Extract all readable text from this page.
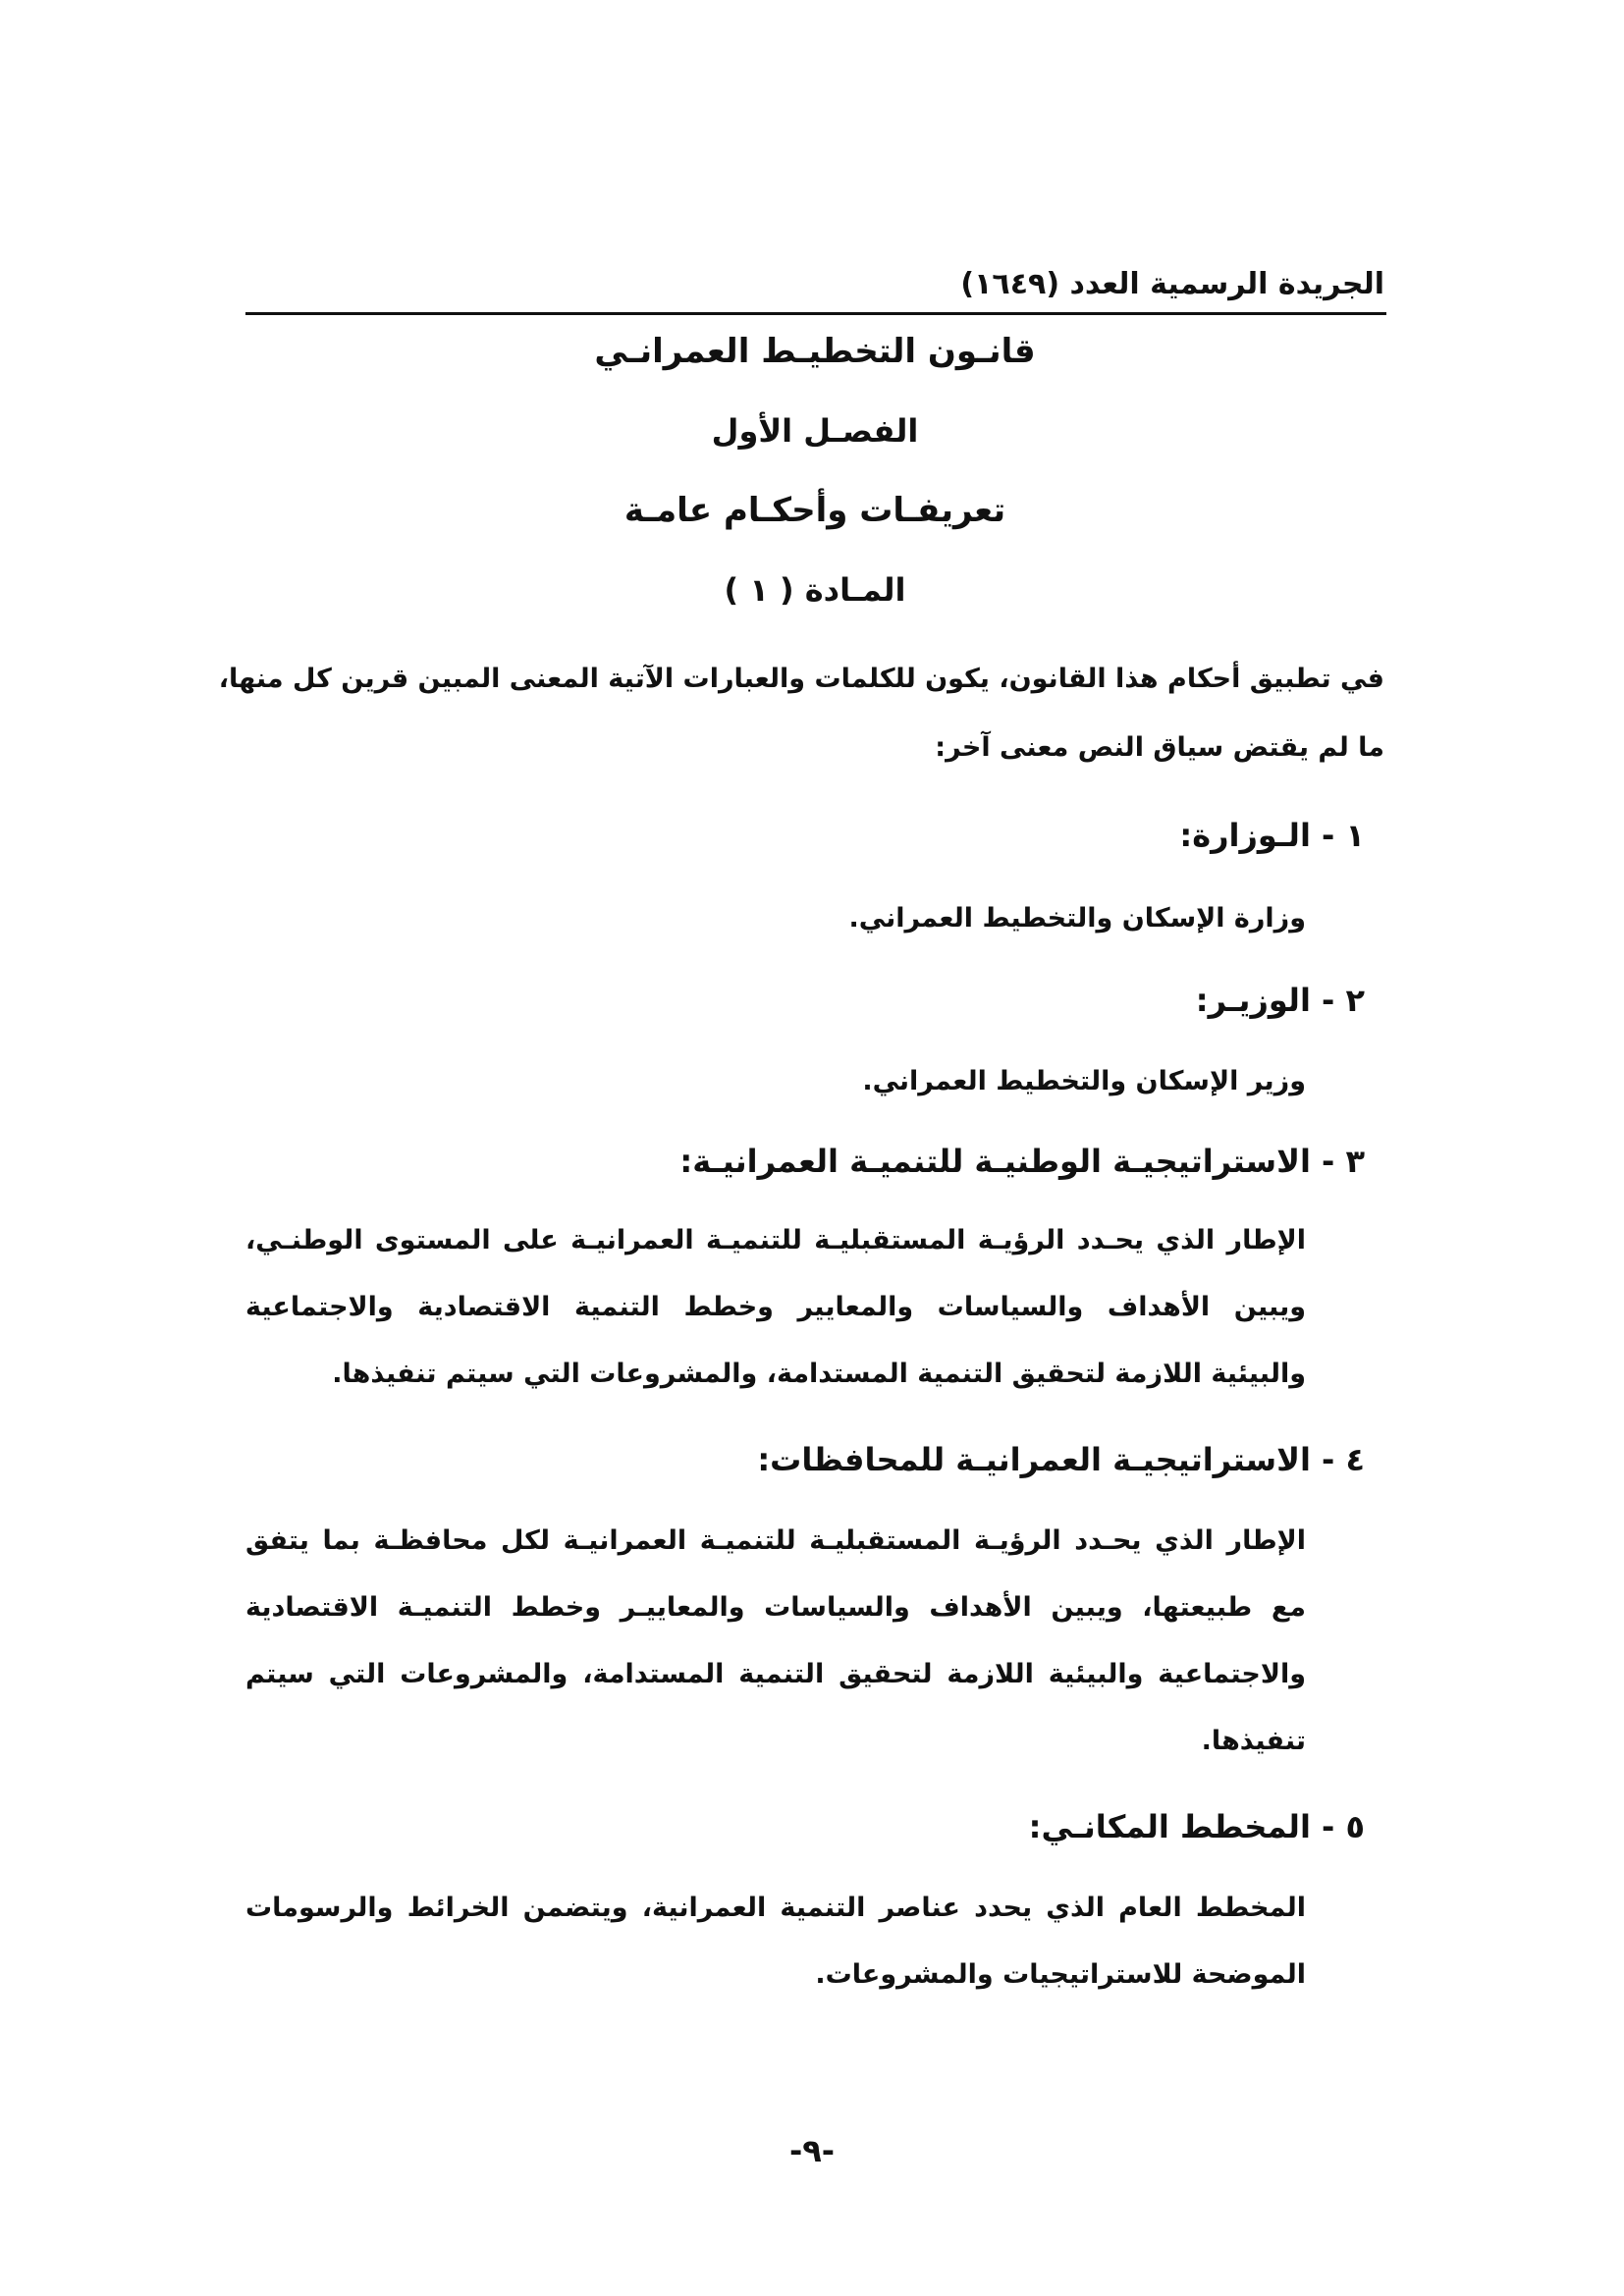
الجريدة الرسمية العدد (١٦٤٩)
قانـون التخطيـط العمرانـي
الفصـل الأول
تعريفـات وأحكـام عامـة
المـادة ( ١ )
في تطبيق أحكام هذا القانون، يكون للكلمات والعبارات الآتية المعنى المبين قرين كل منها،
ما لم يقتض سياق النص معنى آخر:
١ - الـوزارة:
وزارة الإسكان والتخطيط العمراني.
٢ - الوزيـر:
وزير الإسكان والتخطيط العمراني.
٣ - الاستراتيجيـة الوطنيـة للتنميـة العمرانيـة:
الإطار الذي يحـدد الرؤيـة المستقبليـة للتنميـة العمرانيـة على المستوى الوطنـي،
ويبين الأهداف والسياسات والمعايير وخطط التنمية الاقتصادية والاجتماعية
والبيئية اللازمة لتحقيق التنمية المستدامة، والمشروعات التي سيتم تنفيذها.
٤ - الاستراتيجيـة العمرانيـة للمحافظات:
الإطار الذي يحـدد الرؤيـة المستقبليـة للتنميـة العمرانيـة لكل محافظـة بما يتفق
مع طبيعتها، ويبين الأهداف والسياسات والمعاييـر وخطط التنميـة الاقتصادية
والاجتماعية والبيئية اللازمة لتحقيق التنمية المستدامة، والمشروعات التي سيتم
تنفيذها.
٥ - المخطط المكانـي:
المخطط العام الذي يحدد عناصر التنمية العمرانية، ويتضمن الخرائط والرسومات
الموضحة للاستراتيجيات والمشروعات.
-٩-
